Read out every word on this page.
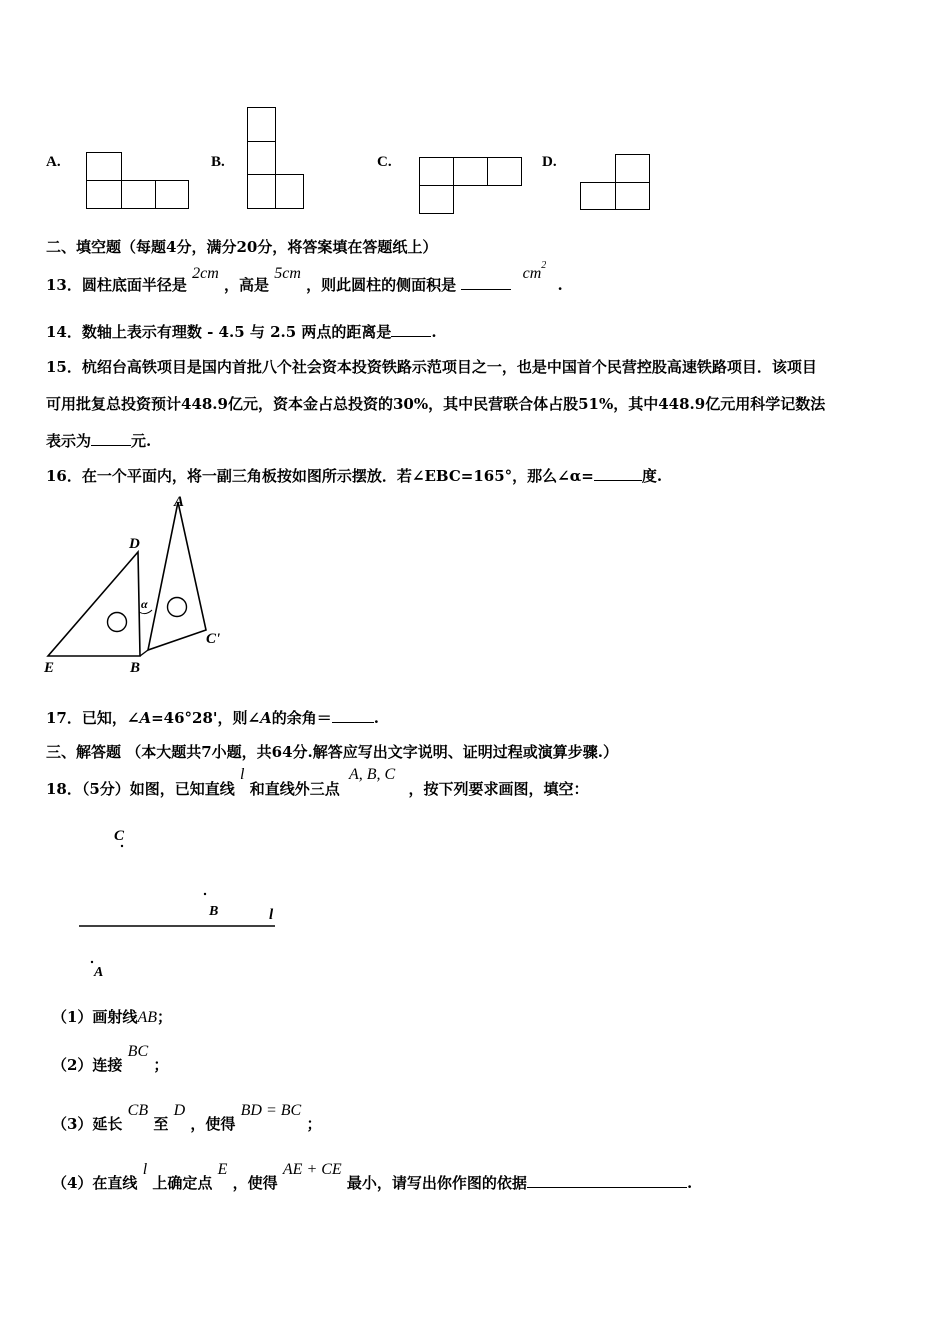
A.	B.	C.	D.
二、填空题（每题4分，满分20分，将答案填在答题纸上）
13．圆柱底面半径是 2cm ，高是 5cm ，则此圆柱的侧面积是  $cm^2$ .
14．数轴上表示有理数 - 4.5 与 2.5 两点的距离是	.
15．杭绍台高铁项目是国内首批八个社会资本投资铁路示范项目之一，也是中国首个民营控股高速铁路项目．该项目
可用批复总投资预计448.9亿元，资本金占总投资的30%，其中民营联合体占股51%，其中448.9亿元用科学记数法
表示为	元.
16．在一个平面内，将一副三角板按如图所示摆放．若∠EBC=165°，那么∠α=	度.
A
D
α
C'
E	B
17．已知，∠A=46°28'，则∠A的余角＝	.
三、解答题 （本大题共7小题，共64分.解答应写出文字说明、证明过程或演算步骤.）
18．（5分）如图，已知直线 l 和直线外三点 A, B, C ，按下列要求画图，填空：
C
B	l
A
（1）画射线AB；
（2）连接 BC ；
（3）延长 CB 至 D ，使得 BD = BC ；
（4）在直线 l 上确定点 E ，使得 AE + CE 最小，请写出你作图的依据	.
